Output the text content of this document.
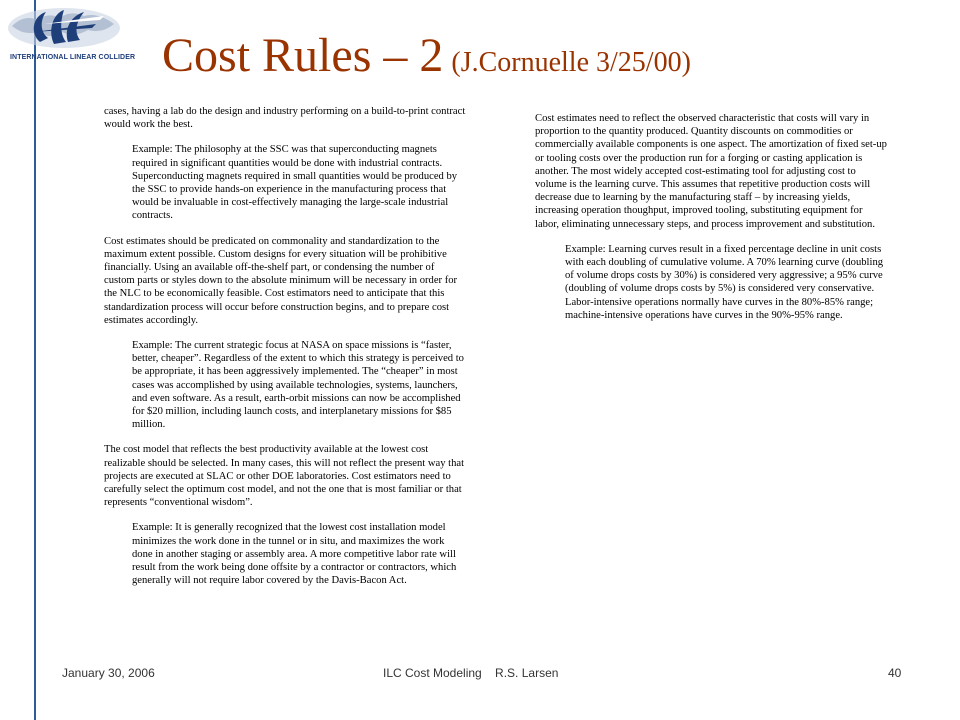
INTERNATIONAL LINEAR COLLIDER Cost Rules – 2 (J.Cornuelle 3/25/00)

cases, having a lab do the design and industry performing on a build-to-print contract would work the best.

Example: The philosophy at the SSC was that superconducting magnets required in significant quantities would be done with industrial contracts. Superconducting magnets required in small quantities would be produced by the SSC to provide hands-on experience in the manufacturing process that would be invaluable in cost-effectively managing the large-scale industrial contracts.

Cost estimates should be predicated on commonality and standardization to the maximum extent possible. Custom designs for every situation will be prohibitive financially. Using an available off-the-shelf part, or condensing the number of custom parts or styles down to the absolute minimum will be necessary in order for the NLC to be economically feasible. Cost estimators need to anticipate that this standardization process will occur before construction begins, and to prepare cost estimates accordingly.

Example: The current strategic focus at NASA on space missions is “faster, better, cheaper”. Regardless of the extent to which this strategy is perceived to be appropriate, it has been aggressively implemented. The “cheaper” in most cases was accomplished by using available technologies, systems, launchers, and even software. As a result, earth-orbit missions can now be accomplished for $20 million, including launch costs, and interplanetary missions for $85 million.

The cost model that reflects the best productivity available at the lowest cost realizable should be selected. In many cases, this will not reflect the present way that projects are executed at SLAC or other DOE laboratories. Cost estimators need to carefully select the optimum cost model, and not the one that is most familiar or that represents “conventional wisdom”.

Example: It is generally recognized that the lowest cost installation model minimizes the work done in the tunnel or in situ, and maximizes the work done in another staging or assembly area. A more competitive labor rate will result from the work being done offsite by a contractor or contractors, which generally will not require labor covered by the Davis-Bacon Act.

Cost estimates need to reflect the observed characteristic that costs will vary in proportion to the quantity produced. Quantity discounts on commodities or commercially available components is one aspect. The amortization of fixed set-up or tooling costs over the production run for a forging or casting application is another. The most widely accepted cost-estimating tool for adjusting cost to volume is the learning curve. This assumes that repetitive production costs will decrease due to learning by the manufacturing staff – by increasing yields, increasing operation thoughput, improved tooling, substituting equipment for labor, eliminating unnecessary steps, and process improvement and substitution.

Example: Learning curves result in a fixed percentage decline in unit costs with each doubling of cumulative volume. A 70% learning curve (doubling of volume drops costs by 30%) is considered very aggressive; a 95% curve (doubling of volume drops costs by 5%) is considered very conservative. Labor-intensive operations normally have curves in the 80%-85% range; machine-intensive operations have curves in the 90%-95% range.

January 30, 2006	ILC Cost Modeling    R.S. Larsen	40
